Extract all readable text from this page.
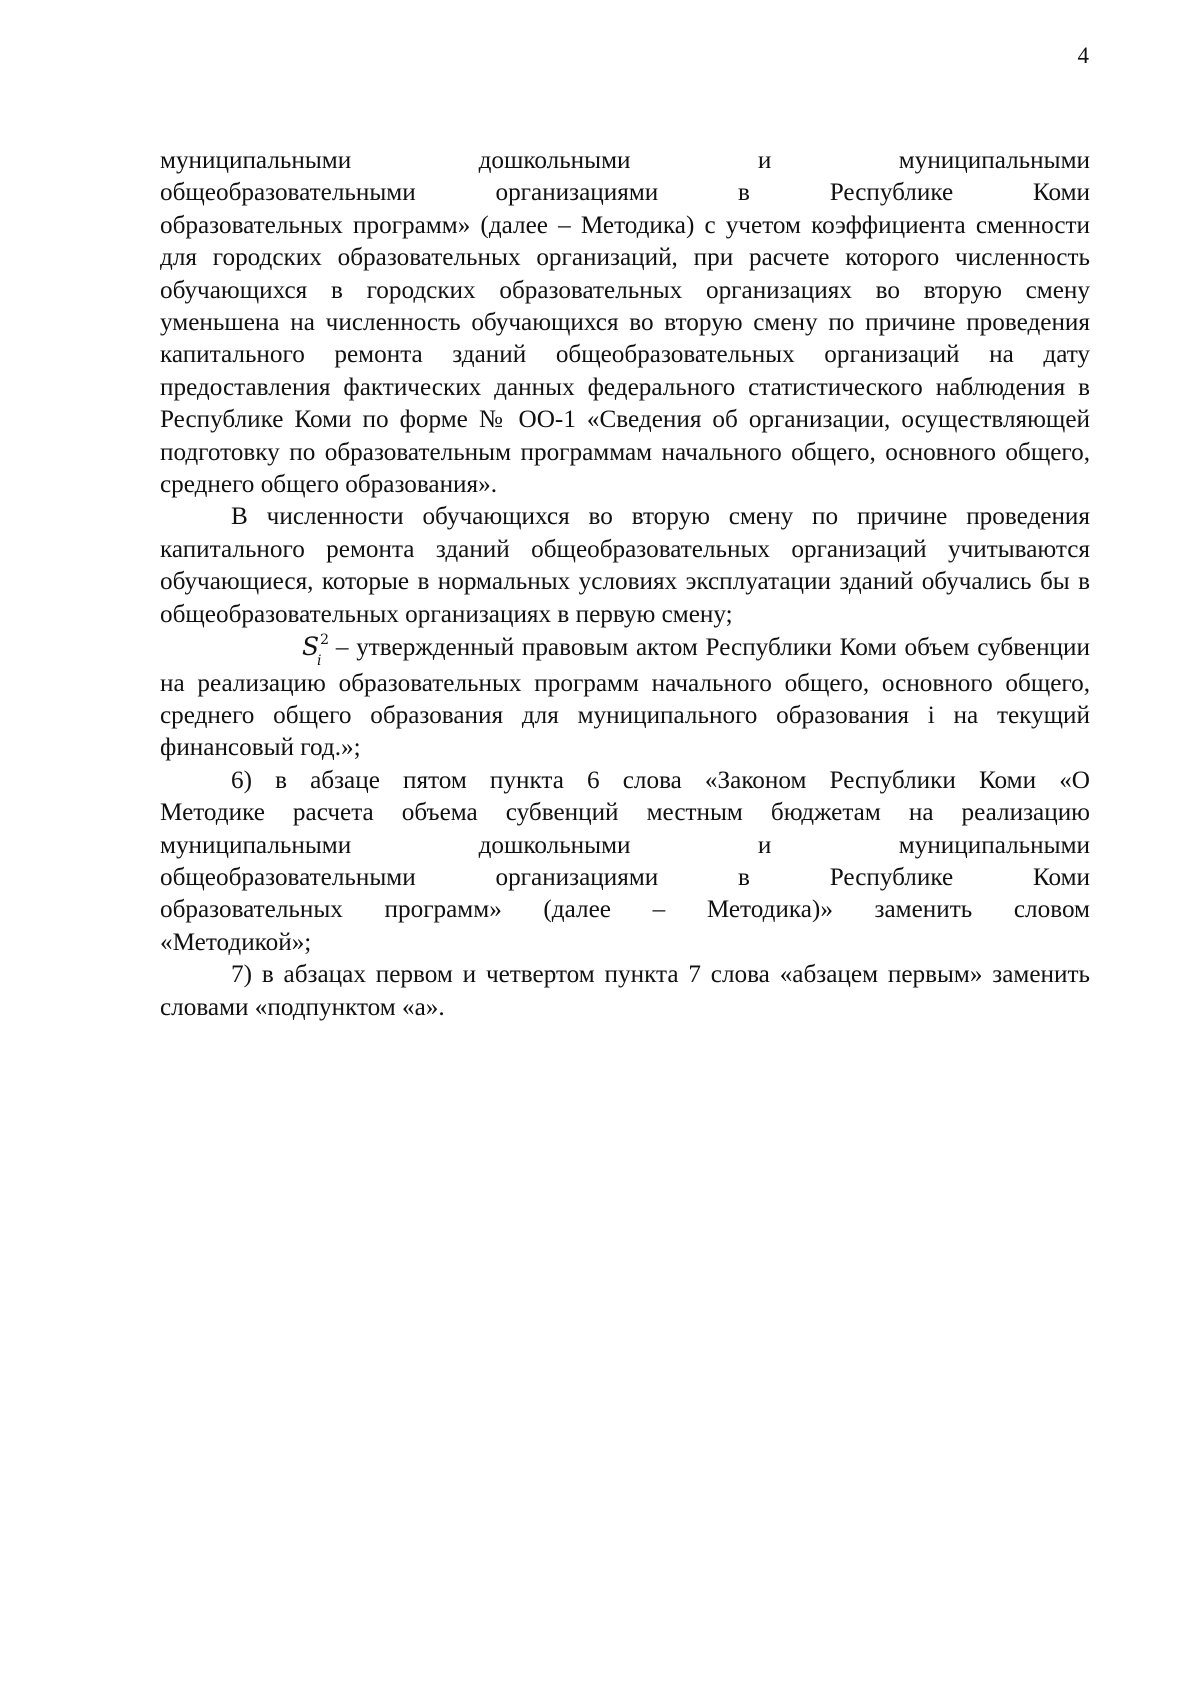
4

муниципальными дошкольными и муниципальными

общеобразовательными организациями в Республике Коми

образовательных программ» (далее – Методика) с учетом коэффициента сменности для городских образовательных организаций, при расчете которого численность обучающихся в городских образовательных организациях во вторую смену уменьшена на численность обучающихся во вторую смену по причине проведения капитального ремонта зданий общеобразовательных организаций на дату предоставления фактических данных федерального статистического наблюдения в Республике Коми по форме № ОО-1 «Сведения об организации, осуществляющей подготовку по образовательным программам начального общего, основного общего, среднего общего образования».

В численности обучающихся во вторую смену по причине проведения капитального ремонта зданий общеобразовательных организаций учитываются обучающиеся, которые в нормальных условиях эксплуатации зданий обучались бы в общеобразовательных организациях в первую смену;

$S^2$
i – утвержденный правовым актом Республики Коми объем субвенции на реализацию образовательных программ начального общего, основного общего, среднего общего образования для муниципального образования i на текущий финансовый год.»;

6) в абзаце пятом пункта 6 слова «Законом Республики Коми «О

Методике расчета объема субвенций местным бюджетам на реализацию

муниципальными дошкольными и муниципальными

общеобразовательными организациями в Республике Коми

образовательных программ» (далее – Методика)» заменить словом

«Методикой»;

7) в абзацах первом и четвертом пункта 7 слова «абзацем первым» заменить словами «подпунктом «а».
